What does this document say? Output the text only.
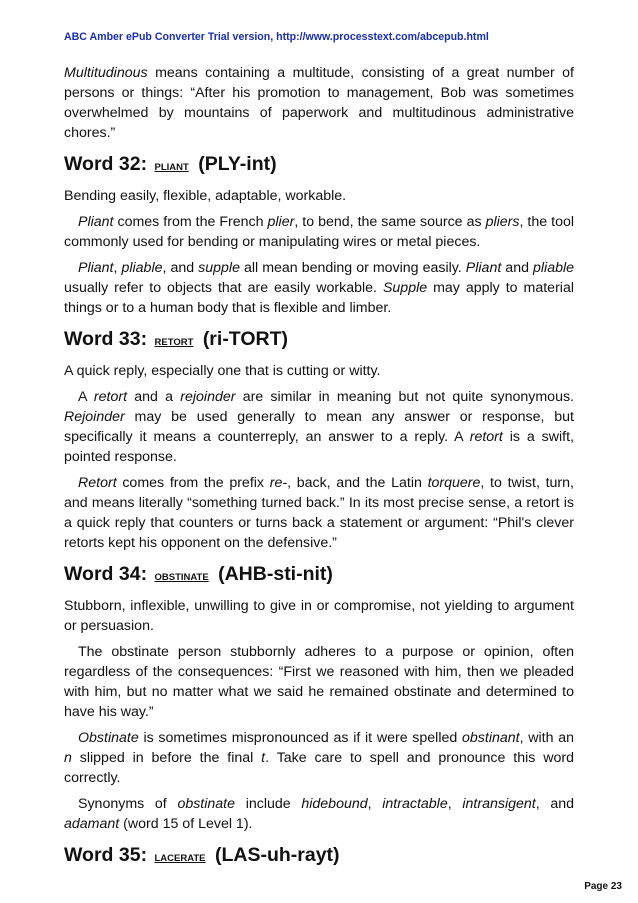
ABC Amber ePub Converter Trial version, http://www.processtext.com/abcepub.html

Multitudinous means containing a multitude, consisting of a great number of persons or things: “After his promotion to management, Bob was sometimes overwhelmed by mountains of paperwork and multitudinous administrative chores.”

Word 32: PLIANT (PLY-int)

Bending easily, flexible, adaptable, workable.

Pliant comes from the French plier, to bend, the same source as pliers, the tool commonly used for bending or manipulating wires or metal pieces.

Pliant, pliable, and supple all mean bending or moving easily. Pliant and pliable usually refer to objects that are easily workable. Supple may apply to material things or to a human body that is flexible and limber.

Word 33: RETORT (ri-TORT)

A quick reply, especially one that is cutting or witty.

A retort and a rejoinder are similar in meaning but not quite synonymous. Rejoinder may be used generally to mean any answer or response, but specifically it means a counterreply, an answer to a reply. A retort is a swift, pointed response.

Retort comes from the prefix re-, back, and the Latin torquere, to twist, turn, and means literally “something turned back.” In its most precise sense, a retort is a quick reply that counters or turns back a statement or argument: “Phil's clever retorts kept his opponent on the defensive.”

Word 34: OBSTINATE (AHB-sti-nit)

Stubborn, inflexible, unwilling to give in or compromise, not yielding to argument or persuasion.

The obstinate person stubbornly adheres to a purpose or opinion, often regardless of the consequences: “First we reasoned with him, then we pleaded with him, but no matter what we said he remained obstinate and determined to have his way.”

Obstinate is sometimes mispronounced as if it were spelled obstinant, with an n slipped in before the final t. Take care to spell and pronounce this word correctly.

Synonyms of obstinate include hidebound, intractable, intransigent, and adamant (word 15 of Level 1).

Word 35: LACERATE (LAS-uh-rayt)
Page 23
